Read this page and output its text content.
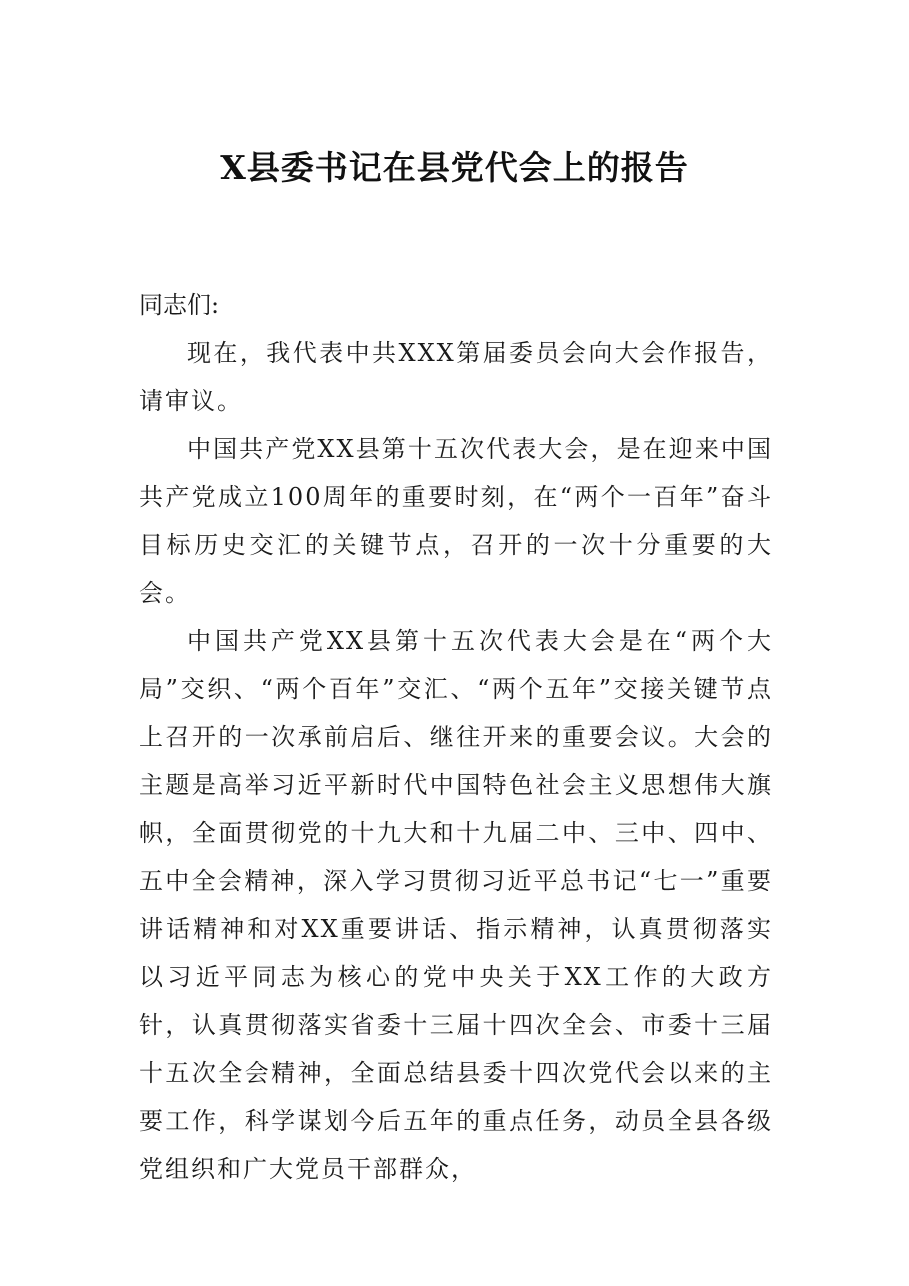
X县委书记在县党代会上的报告

同志们:

现在，我代表中共XXX第届委员会向大会作报告，请审议。

中国共产党XX县第十五次代表大会，是在迎来中国共产党成立100周年的重要时刻，在“两个一百年”奋斗目标历史交汇的关键节点，召开的一次十分重要的大会。

中国共产党XX县第十五次代表大会是在“两个大局”交织、“两个百年”交汇、“两个五年”交接关键节点上召开的一次承前启后、继往开来的重要会议。大会的主题是高举习近平新时代中国特色社会主义思想伟大旗帜，全面贯彻党的十九大和十九届二中、三中、四中、五中全会精神，深入学习贯彻习近平总书记“七一”重要讲话精神和对XX重要讲话、指示精神，认真贯彻落实以习近平同志为核心的党中央关于XX工作的大政方针，认真贯彻落实省委十三届十四次全会、市委十三届十五次全会精神，全面总结县委十四次党代会以来的主要工作，科学谋划今后五年的重点任务，动员全县各级党组织和广大党员干部群众，
